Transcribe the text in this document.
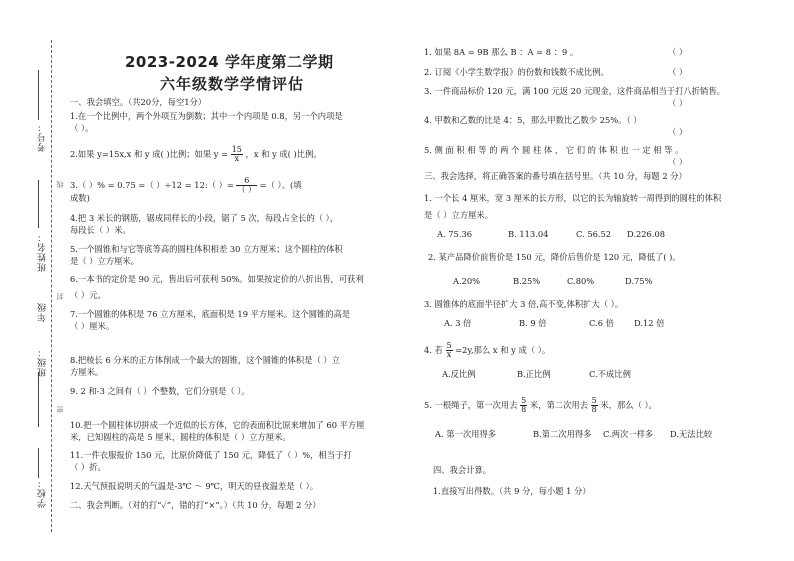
考号：
姓名：
班
年级
班级：
学校：
线
封
密
2023-2024 学年度第二学期
六年级数学学情评估
一、我会填空。（共20分，每空1分）
1.在一个比例中，两个外项互为倒数；其中一个内项是 0.8，另一个内项是
（ ）。
2.如果 y=15x,x 和 y 成( )比例；如果 $y = \frac{15}{x}$ ，x 和 y 成( )比例。
3.（ ）% = 0.75 =（ ）÷12 = 12:（ ）= $\frac{6}{( )}$ =（ ）。(填
成数)
4.把 3 米长的钢筋，锯成同样长的小段，锯了 5 次，每段占全长的（ ），
每段长（ ）米。
5.一个圆锥和与它等底等高的圆柱体积相差 30 立方厘米；这个圆柱的体积
是（ ）立方厘米。
6.一本书的定价是 90 元，售出后可获利 50%。如果按定价的八折出售，可获利
（ ）元。
7.一个圆锥的体积是 76 立方厘米，底面积是 19 平方厘米。这个圆锥的高是
（ ）厘米。
8.把棱长 6 分米的正方体削成一个最大的圆锥，这个圆锥的体积是（ ）立
方厘米。
9. 2 和-3 之间有（ ）个整数，它们分别是（ ）。
10.把一个圆柱体切拼成一个近似的长方体，它的表面积比原来增加了 60 平方厘
米，已知圆柱的高是 5 厘米，圆柱的体积是（ ）立方厘米。
11.一件衣服报价 150 元，比原价降低了 150 元，降低了（ ）%，相当于打
（ ）折。
12.天气预报说明天的气温是-3℃ ～ 9℃，明天的昼夜温差是（ ）。
二、我会判断。（对的打“✓”，错的打“×”。）（共 10 分，每题 2 分）
1. 如果 8A = 9B 那么 B ：A = 8 ：9 。	（ ）
2. 订阅《小学生数学报》的份数和钱数不成比例。	（ ）
3. 一件商品标价 120 元，满 100 元返 20 元现金，这件商品相当于打八折销售。
（ ）
4. 甲数和乙数的比是 4：5，那么甲数比乙数少 25%。（ ）
（ ）
5. 侧 面 积 相 等 的 两 个 圆 柱 体 ， 它 们 的 体 积 也 一 定 相 等 。
（ ）
三、我会选择，将正确答案的番号填在括号里。（共 10 分，每题 2 分）
1. 一个长 4 厘米，宽 3 厘米的长方形，以它的长为轴旋转一周得到的圆柱的体积
是（ ）立方厘米。
A. 75.36	B. 113.04	C. 56.52 D.226.08
2. 某产品降价前售价是 150 元，降价后售价是 120 元，降低了( )。
A.20%	B.25%	C.80%	D.75%
3. 圆锥体的底面半径扩大 3 倍,高不变,体积扩大（ ）。
A. 3 倍	B. 9 倍	C.6 倍 D.12 倍
4. 若 $\frac{5}{x} =2y$,那么 x 和 y 成（ ）。
A.反比例	B.正比例	C.不成比例
5. 一根绳子，第一次用去 $\frac{5}{8}$ 米，第二次用去 $\frac{5}{8}$ 米，那么（ ）。
A. 第一次用得多	B.第二次用得多 C.两次一样多 D.无法比较
四、我会计算。
1.直接写出得数。（共 9 分，每小题 1 分）
